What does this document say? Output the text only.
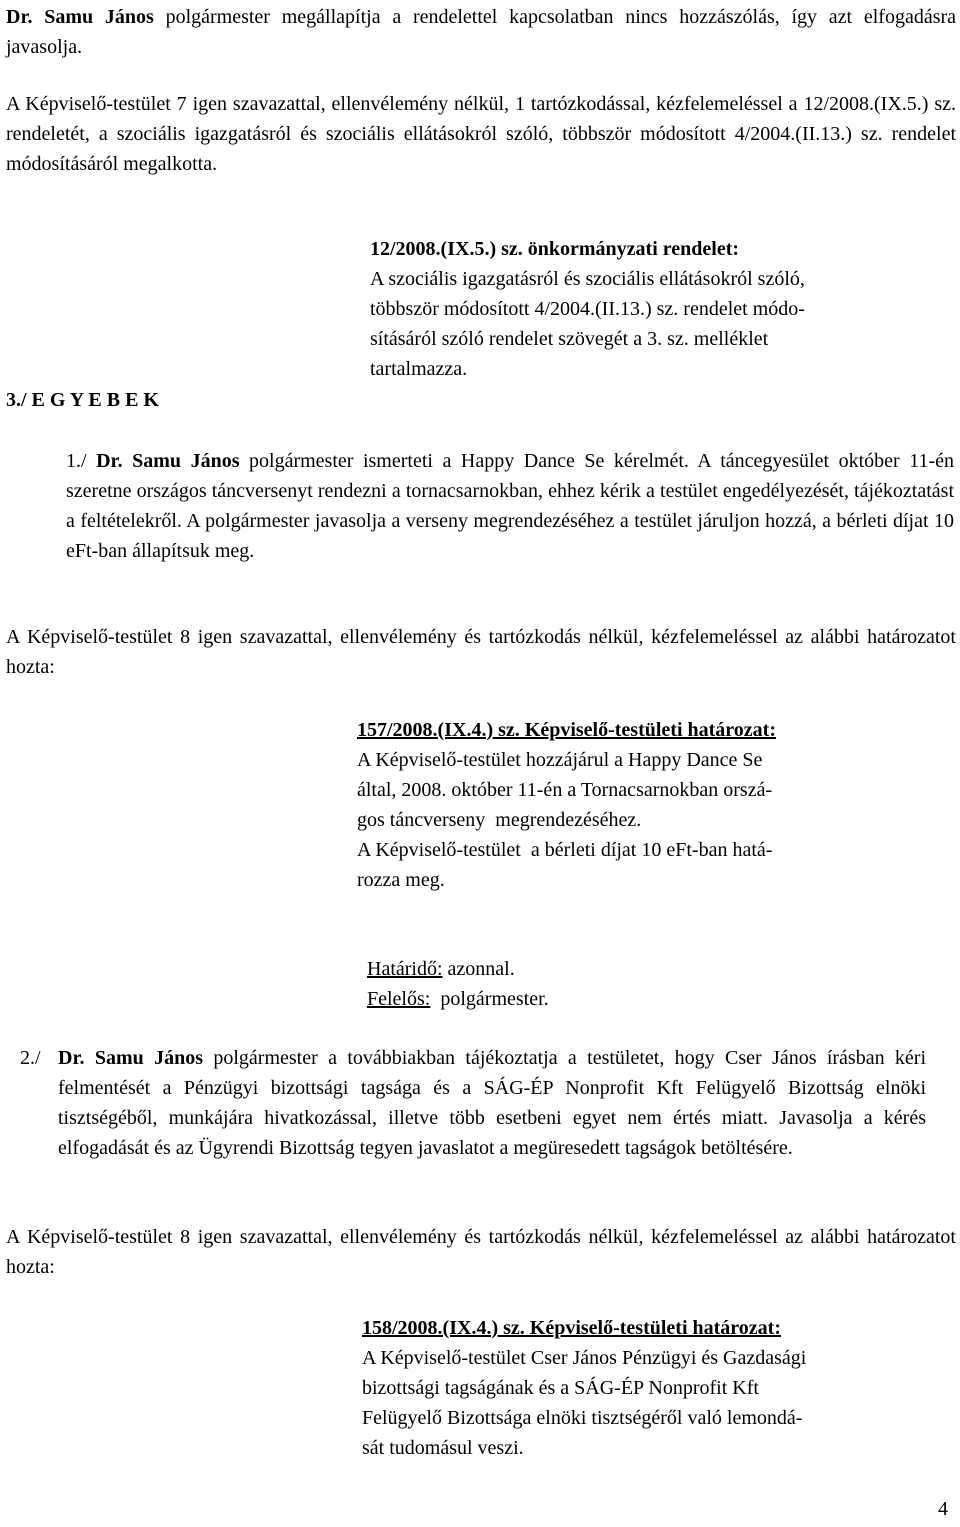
Dr. Samu János polgármester megállapítja a rendelettel kapcsolatban nincs hozzászólás, így azt elfogadásra javasolja.

A Képviselő-testület 7 igen szavazattal, ellenvélemény nélkül, 1 tartózkodással, kézfelemeléssel a 12/2008.(IX.5.) sz. rendeletét, a szociális igazgatásról és szociális ellátásokról szóló, többször módosított 4/2004.(II.13.) sz. rendelet módosításáról megalkotta.

12/2008.(IX.5.) sz. önkormányzati rendelet:
A szociális igazgatásról és szociális ellátásokról szóló,
többször módosított 4/2004.(II.13.) sz. rendelet módo-
sításáról szóló rendelet szövegét a 3. sz. melléklet
tartalmazza.
3./ E G Y E B E K

1./ Dr. Samu János polgármester ismerteti a Happy Dance Se kérelmét. A táncegyesület október 11-én szeretne országos táncversenyt rendezni a tornacsarnokban, ehhez kérik a testület engedélyezését, tájékoztatást a feltételekről. A polgármester javasolja a verseny megrendezéséhez a testület járuljon hozzá, a bérleti díjat 10 eFt-ban állapítsuk meg.

A Képviselő-testület 8 igen szavazattal, ellenvélemény és tartózkodás nélkül, kézfelemeléssel az alábbi határozatot hozta:

157/2008.(IX.4.) sz. Képviselő-testületi határozat:
A Képviselő-testület hozzájárul a Happy Dance Se
által, 2008. október 11-én a Tornacsarnokban orszá-
gos táncverseny  megrendezéséhez.
A Képviselő-testület  a bérleti díjat 10 eFt-ban hatá-
rozza meg.

Határidő: azonnal.

Felelős:  polgármester.

2./ Dr. Samu János polgármester a továbbiakban tájékoztatja a testületet, hogy Cser János írásban kéri felmentését a Pénzügyi bizottsági tagsága és a SÁG-ÉP Nonprofit Kft Felügyelő Bizottság elnöki tisztségéből, munkájára hivatkozással, illetve több esetbeni egyet nem értés miatt. Javasolja a kérés elfogadását és az Ügyrendi Bizottság tegyen javaslatot a megüresedett tagságok betöltésére.

A Képviselő-testület 8 igen szavazattal, ellenvélemény és tartózkodás nélkül, kézfelemeléssel az alábbi határozatot hozta:

158/2008.(IX.4.) sz. Képviselő-testületi határozat:
A Képviselő-testület Cser János Pénzügyi és Gazdasági
bizottsági tagságának és a SÁG-ÉP Nonprofit Kft
Felügyelő Bizottsága elnöki tisztségéről való lemondá-
sát tudomásul veszi.
4
